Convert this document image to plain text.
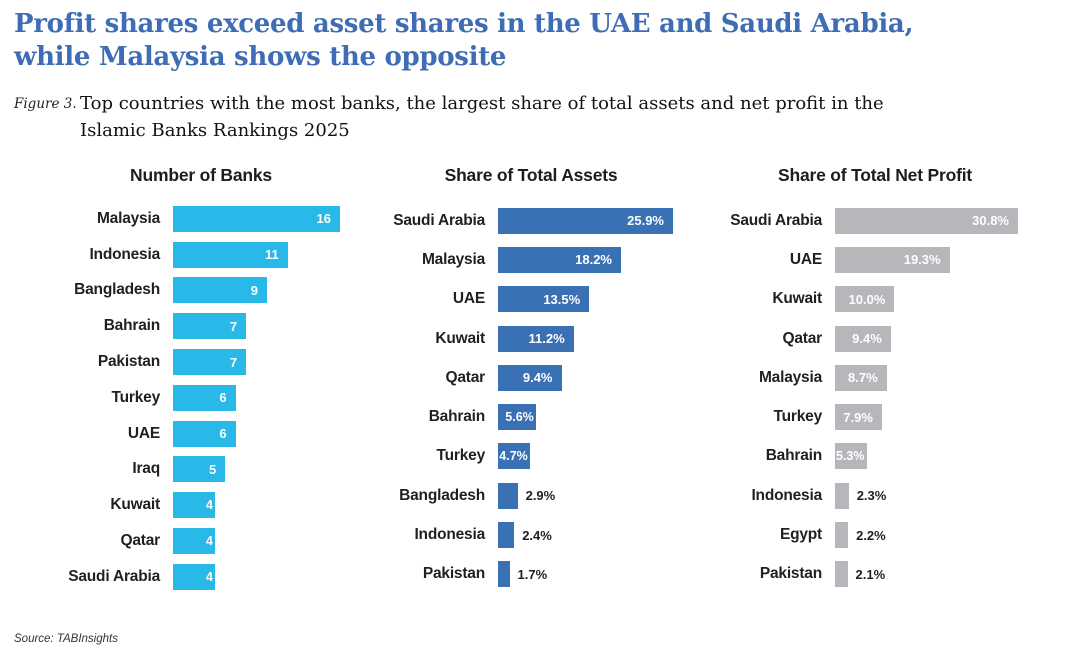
Profit shares exceed asset shares in the UAE and Saudi Arabia,
while Malaysia shows the opposite
Figure 3. Top countries with the most banks, the largest share of total assets and net profit in the
Islamic Banks Rankings 2025
Number of Banks
Malaysia	16
Indonesia	11
Bangladesh	9
Bahrain	7
Pakistan	7
Turkey	6
UAE	6
Iraq	5
Kuwait	4
Qatar	4
Saudi Arabia	4
Share of Total Assets
Saudi Arabia	25.9%
Malaysia	18.2%
UAE	13.5%
Kuwait	11.2%
Qatar	9.4%
Bahrain 5.6%
Turkey 4.7%
Bangladesh	2.9%
Indonesia	2.4%
Pakistan	1.7%
Share of Total Net Profit
Saudi Arabia	30.8%
UAE	19.3%
Kuwait 10.0%
Qatar 9.4%
Malaysia 8.7%
Turkey 7.9%
Bahrain 5.3%
Indonesia	2.3%
Egypt	2.2%
Pakistan	2.1%
Source: TABInsights
